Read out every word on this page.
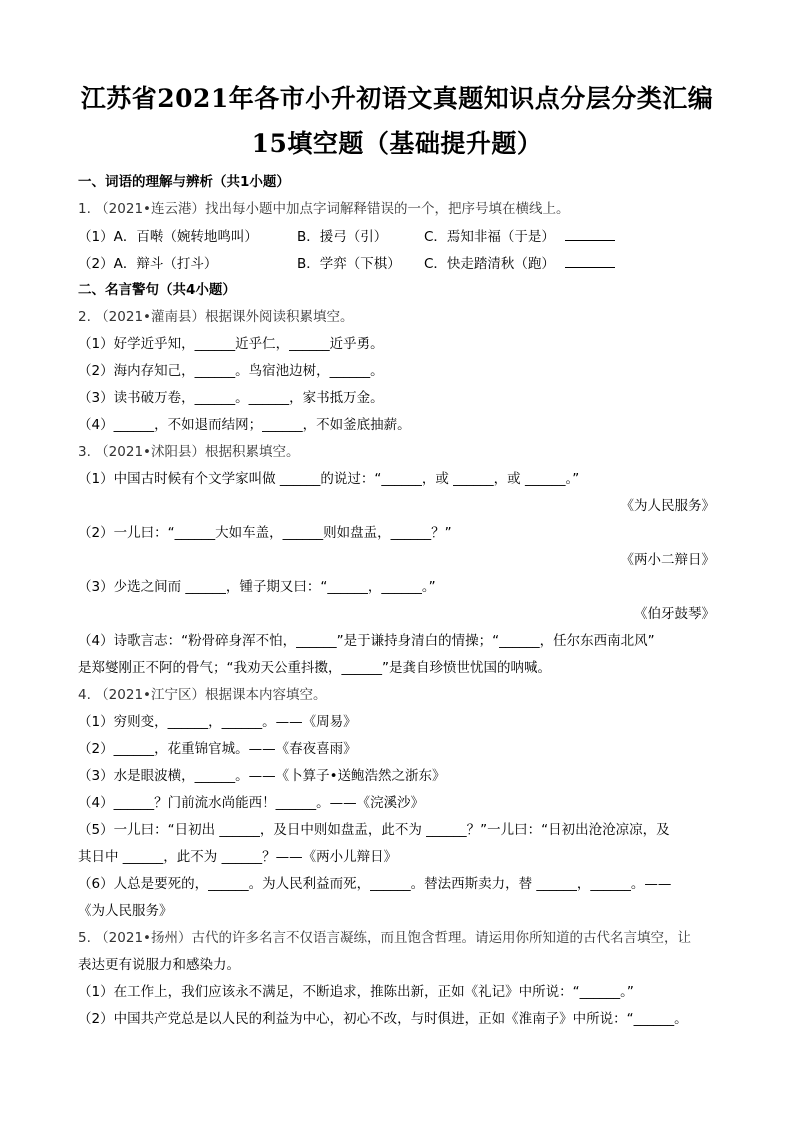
江苏省2021年各市小升初语文真题知识点分层分类汇编
15填空题（基础提升题）
一、词语的理解与辨析（共1小题）
1. （2021•连云港）找出每小题中加点字词解释错误的一个，把序号填在横线上。
（1）A．百啭（婉转地鸣叫）	B．援弓（引）	C．焉知非福（于是）
（2）A．辩斗（打斗）	B．学弈（下棋） C．快走踏清秋（跑）
二、名言警句（共4小题）
2. （2021•灌南县）根据课外阅读积累填空。
（1）好学近乎知，______近乎仁，______近乎勇。
（2）海内存知己，______。鸟宿池边树，______。
（3）读书破万卷，______。______，家书抵万金。
（4）______，不如退而结网；______，不如釜底抽薪。
3. （2021•沭阳县）根据积累填空。
（1）中国古时候有个文学家叫做 ______的说过：“______，或 ______，或 ______。”
《为人民服务》
（2）一儿曰：“______大如车盖，______则如盘盂，______？”
《两小二辩日》
（3）少选之间而 ______，锺子期又曰：“______，______。”
《伯牙鼓琴》
（4）诗歌言志：“粉骨碎身浑不怕，______”是于谦持身清白的情操；“______，任尔东西南北风”
是郑燮刚正不阿的骨气；“我劝天公重抖擞，______”是龚自珍愤世忧国的呐喊。
4. （2021•江宁区）根据课本内容填空。
（1）穷则变，______，______。——《周易》
（2）______，花重锦官城。——《春夜喜雨》
（3）水是眼波横，______。——《卜算子•送鲍浩然之浙东》
（4）______？门前流水尚能西！______。——《浣溪沙》
（5）一儿曰：“日初出 ______，及日中则如盘盂，此不为 ______？”一儿曰：“日初出沧沧凉凉，及
其日中 ______，此不为 ______？——《两小儿辩日》
（6）人总是要死的，______。为人民利益而死，______。替法西斯卖力，替 ______，______。——
《为人民服务》
5. （2021•扬州）古代的许多名言不仅语言凝练，而且饱含哲理。请运用你所知道的古代名言填空，让
表达更有说服力和感染力。
（1）在工作上，我们应该永不满足，不断追求，推陈出新，正如《礼记》中所说：“______。”
（2）中国共产党总是以人民的利益为中心，初心不改，与时俱进，正如《淮南子》中所说：“______。
